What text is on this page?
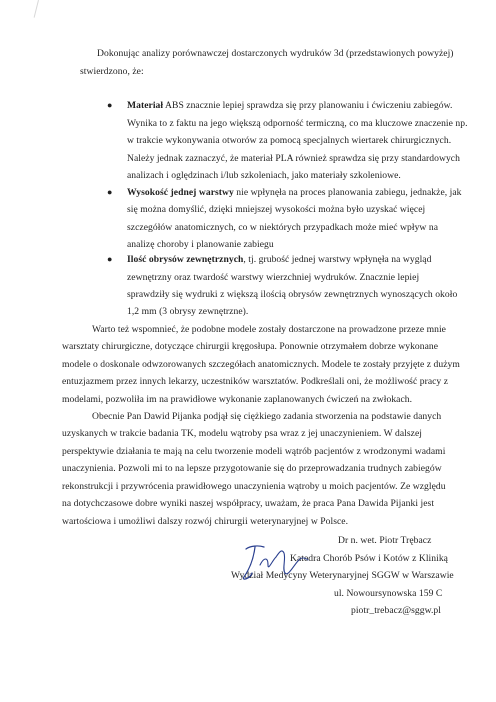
Dokonując analizy porównawczej dostarczonych wydruków 3d (przedstawionych powyżej)
stwierdzono, że:
● Materiał ABS znacznie lepiej sprawdza się przy planowaniu i ćwiczeniu zabiegów.
Wynika to z faktu na jego większą odporność termiczną, co ma kluczowe znaczenie np.
w trakcie wykonywania otworów za pomocą specjalnych wiertarek chirurgicznych.
Należy jednak zaznaczyć, że materiał PLA również sprawdza się przy standardowych
analizach i oględzinach i/lub szkoleniach, jako materiały szkoleniowe.
● Wysokość jednej warstwy nie wpłynęła na proces planowania zabiegu, jednakże, jak
się można domyślić, dzięki mniejszej wysokości można było uzyskać więcej
szczegółów anatomicznych, co w niektórych przypadkach może mieć wpływ na
analizę choroby i planowanie zabiegu
● Ilość obrysów zewnętrznych, tj. grubość jednej warstwy wpłynęła na wygląd
zewnętrzny oraz twardość warstwy wierzchniej wydruków. Znacznie lepiej
sprawdziły się wydruki z większą ilością obrysów zewnętrznych wynoszących około
1,2 mm (3 obrysy zewnętrzne).
Warto też wspomnieć, że podobne modele zostały dostarczone na prowadzone przeze mnie
warsztaty chirurgiczne, dotyczące chirurgii kręgosłupa. Ponownie otrzymałem dobrze wykonane
modele o doskonale odwzorowanych szczegółach anatomicznych. Modele te zostały przyjęte z dużym
entuzjazmem przez innych lekarzy, uczestników warsztatów. Podkreślali oni, że możliwość pracy z
modelami, pozwoliła im na prawidłowe wykonanie zaplanowanych ćwiczeń na zwłokach.
Obecnie Pan Dawid Pijanka podjął się ciężkiego zadania stworzenia na podstawie danych
uzyskanych w trakcie badania TK, modelu wątroby psa wraz z jej unaczynieniem. W dalszej
perspektywie działania te mają na celu tworzenie modeli wątrób pacjentów z wrodzonymi wadami
unaczynienia. Pozwoli mi to na lepsze przygotowanie się do przeprowadzania trudnych zabiegów
rekonstrukcji i przywrócenia prawidłowego unaczynienia wątroby u moich pacjentów. Ze względu
na dotychczasowe dobre wyniki naszej współpracy, uważam, że praca Pana Dawida Pijanki jest
wartościowa i umożliwi dalszy rozwój chirurgii weterynaryjnej w Polsce.
Dr n. wet. Piotr Trębacz
Katedra Chorób Psów i Kotów z Kliniką
Wydział Medycyny Weterynaryjnej SGGW w Warszawie
ul. Nowoursynowska 159 C
piotr_trebacz@sggw.pl
